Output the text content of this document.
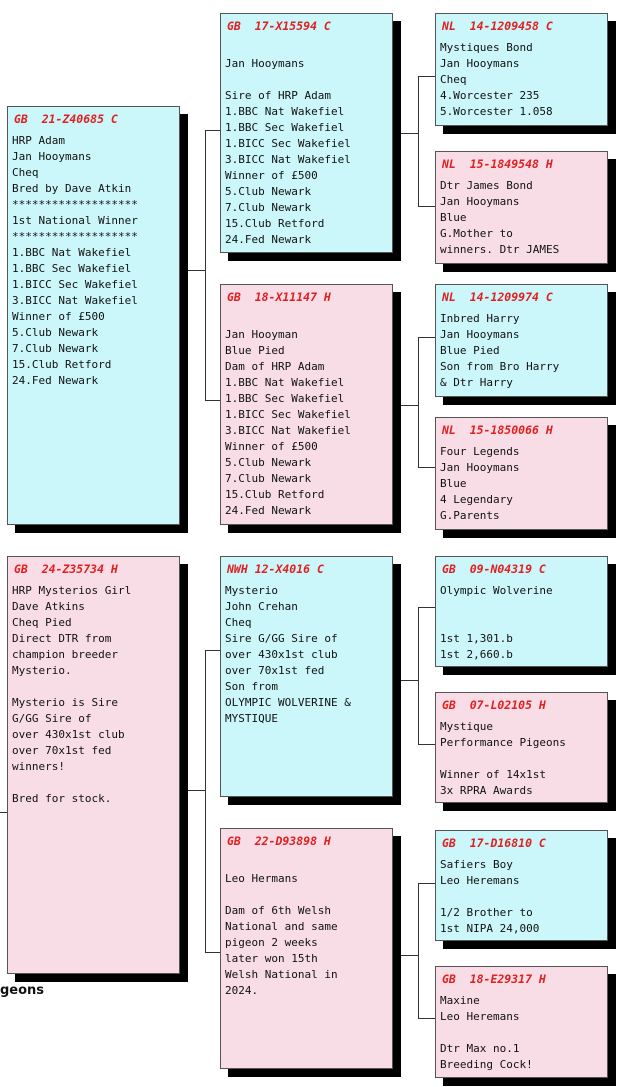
GB  21-Z40685 C
HRP Adam
Jan Hooymans
Cheq
Bred by Dave Atkin
*******************
1st National Winner
*******************
1.BBC Nat Wakefiel
1.BBC Sec Wakefiel
1.BICC Sec Wakefiel
3.BICC Nat Wakefiel
Winner of £500
5.Club Newark
7.Club Newark
15.Club Retford
24.Fed Newark
GB  24-Z35734 H
HRP Mysterios Girl
Dave Atkins
Cheq Pied
Direct DTR from
champion breeder
Mysterio.

Mysterio is Sire
G/GG Sire of
over 430x1st club
over 70x1st fed
winners!

Bred for stock.
GB  17-X15594 C

Jan Hooymans

Sire of HRP Adam
1.BBC Nat Wakefiel
1.BBC Sec Wakefiel
1.BICC Sec Wakefiel
3.BICC Nat Wakefiel
Winner of £500
5.Club Newark
7.Club Newark
15.Club Retford
24.Fed Newark
GB  18-X11147 H

Jan Hooyman
Blue Pied
Dam of HRP Adam
1.BBC Nat Wakefiel
1.BBC Sec Wakefiel
1.BICC Sec Wakefiel
3.BICC Nat Wakefiel
Winner of £500
5.Club Newark
7.Club Newark
15.Club Retford
24.Fed Newark
NWH 12-X4016 C
Mysterio
John Crehan
Cheq
Sire G/GG Sire of
over 430x1st club
over 70x1st fed
Son from
OLYMPIC WOLVERINE &
MYSTIQUE
GB  22-D93898 H

Leo Hermans

Dam of 6th Welsh
National and same
pigeon 2 weeks
later won 15th
Welsh National in
2024.
NL  14-1209458 C
Mystiques Bond
Jan Hooymans
Cheq
4.Worcester 235
5.Worcester 1.058
NL  15-1849548 H
Dtr James Bond
Jan Hooymans
Blue
G.Mother to
winners. Dtr JAMES
NL  14-1209974 C
Inbred Harry
Jan Hooymans
Blue Pied
Son from Bro Harry
& Dtr Harry
NL  15-1850066 H
Four Legends
Jan Hooymans
Blue
4 Legendary
G.Parents
GB  09-N04319 C
Olympic Wolverine

1st 1,301.b
1st 2,660.b
GB  07-L02105 H
Mystique
Performance Pigeons

Winner of 14x1st
3x RPRA Awards
GB  17-D16810 C
Safiers Boy
Leo Heremans

1/2 Brother to
1st NIPA 24,000
GB  18-E29317 H
Maxine
Leo Heremans

Dtr Max no.1
Breeding Cock!
geons
